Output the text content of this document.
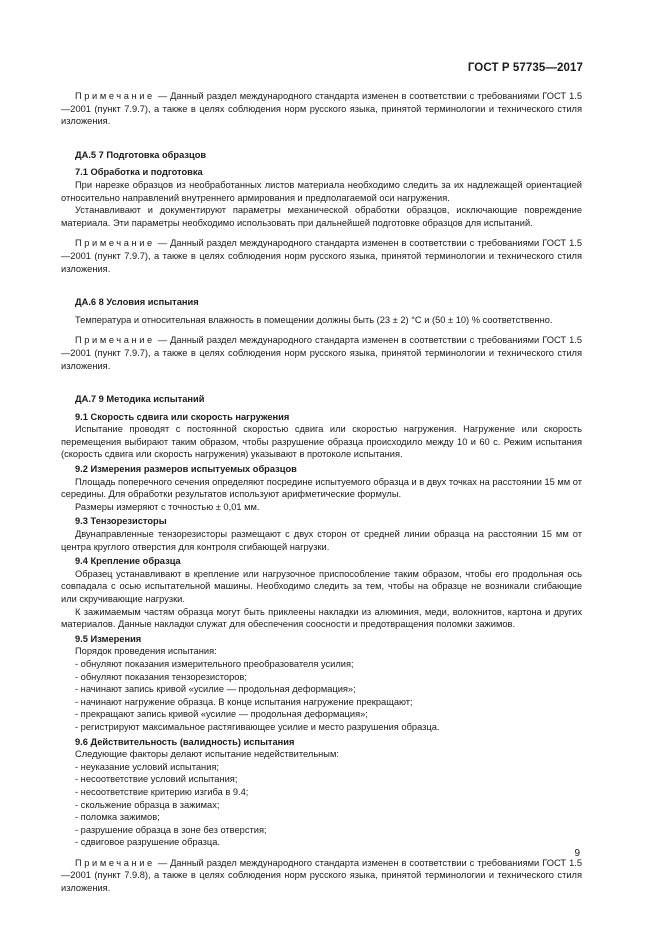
ГОСТ Р 57735—2017

Примечание — Данный раздел международного стандарта изменен в соответствии с требованиями ГОСТ 1.5—2001 (пункт 7.9.7), а также в целях соблюдения норм русского языка, принятой терминологии и технического стиля изложения.

ДА.5 7 Подготовка образцов
7.1 Обработка и подготовка

При нарезке образцов из необработанных листов материала необходимо следить за их надлежащей ориентацией относительно направлений внутреннего армирования и предполагаемой оси нагружения.

Устанавливают и документируют параметры механической обработки образцов, исключающие повреждение материала. Эти параметры необходимо использовать при дальнейшей подготовке образцов для испытаний.

Примечание — Данный раздел международного стандарта изменен в соответствии с требованиями ГОСТ 1.5—2001 (пункт 7.9.7), а также в целях соблюдения норм русского языка, принятой терминологии и технического стиля изложения.

ДА.6 8 Условия испытания

Температура и относительная влажность в помещении должны быть (23 ± 2) °С и (50 ± 10) % соответственно.

Примечание — Данный раздел международного стандарта изменен в соответствии с требованиями ГОСТ 1.5—2001 (пункт 7.9.7), а также в целях соблюдения норм русского языка, принятой терминологии и технического стиля изложения.

ДА.7 9 Методика испытаний
9.1 Скорость сдвига или скорость нагружения

Испытание проводят с постоянной скоростью сдвига или скоростью нагружения. Нагружение или скорость перемещения выбирают таким образом, чтобы разрушение образца происходило между 10 и 60 с. Режим испытания (скорость сдвига или скорость нагружения) указывают в протоколе испытания.

9.2 Измерения размеров испытуемых образцов

Площадь поперечного сечения определяют посредине испытуемого образца и в двух точках на расстоянии 15 мм от середины. Для обработки результатов используют арифметические формулы.

Размеры измеряют с точностью ± 0,01 мм.

9.3 Тензорезисторы

Двунаправленные тензорезисторы размещают с двух сторон от средней линии образца на расстоянии 15 мм от центра круглого отверстия для контроля сгибающей нагрузки.

9.4 Крепление образца

Образец устанавливают в крепление или нагрузочное приспособление таким образом, чтобы его продольная ось совпадала с осью испытательной машины. Необходимо следить за тем, чтобы на образце не возникали сгибающие или скручивающие нагрузки.

К зажимаемым частям образца могут быть приклеены накладки из алюминия, меди, волокнитов, картона и других материалов. Данные накладки служат для обеспечения соосности и предотвращения поломки зажимов.

9.5 Измерения

Порядок проведения испытания:

- обнуляют показания измерительного преобразователя усилия;
- обнуляют показания тензорезисторов;
- начинают запись кривой «усилие — продольная деформация»;
- начинают нагружение образца. В конце испытания нагружение прекращают;
- прекращают запись кривой «усилие — продольная деформация»;
- регистрируют максимальное растягивающее усилие и место разрушения образца.
9.6 Действительность (валидность) испытания

Следующие факторы делают испытание недействительным:

- неуказание условий испытания;
- несоответствие условий испытания;
- несоответствие критерию изгиба в 9.4;
- скольжение образца в зажимах;
- поломка зажимов;
- разрушение образца в зоне без отверстия;
- сдвиговое разрушение образца.

Примечание — Данный раздел международного стандарта изменен в соответствии с требованиями ГОСТ 1.5—2001 (пункт 7.9.8), а также в целях соблюдения норм русского языка, принятой терминологии и технического стиля изложения.

9
